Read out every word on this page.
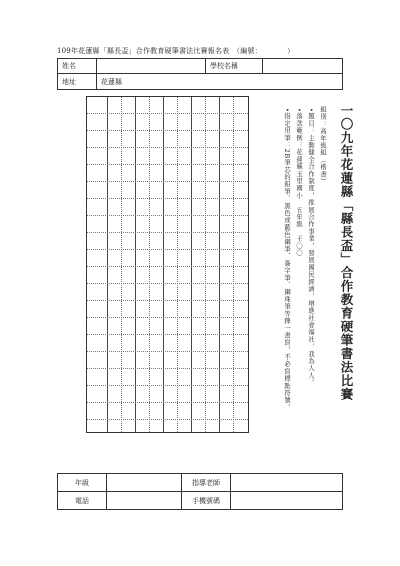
109年花蓮縣「縣長盃」合作教育硬筆書法比賽報名表　（編號：　　　　）
姓名		學校名稱	
地址	花蓮縣		
一〇九年花蓮縣「縣長盃」合作教育硬筆書法比賽
組別：高年級組（楷書）
•題目：主動健全合作制度，推展合作事業，發展國民經濟，增進社會福社，我為人人。
•落款範例：花蓮縣玉里國小　五年級　王〇〇
•指定用筆：2B筆芯的鉛筆、黑色或藍色鋼筆、簽字筆、鋼珠筆等擇一書寫，不必寫標點符號。
年級		指導老師	
電話		手機號碼	
